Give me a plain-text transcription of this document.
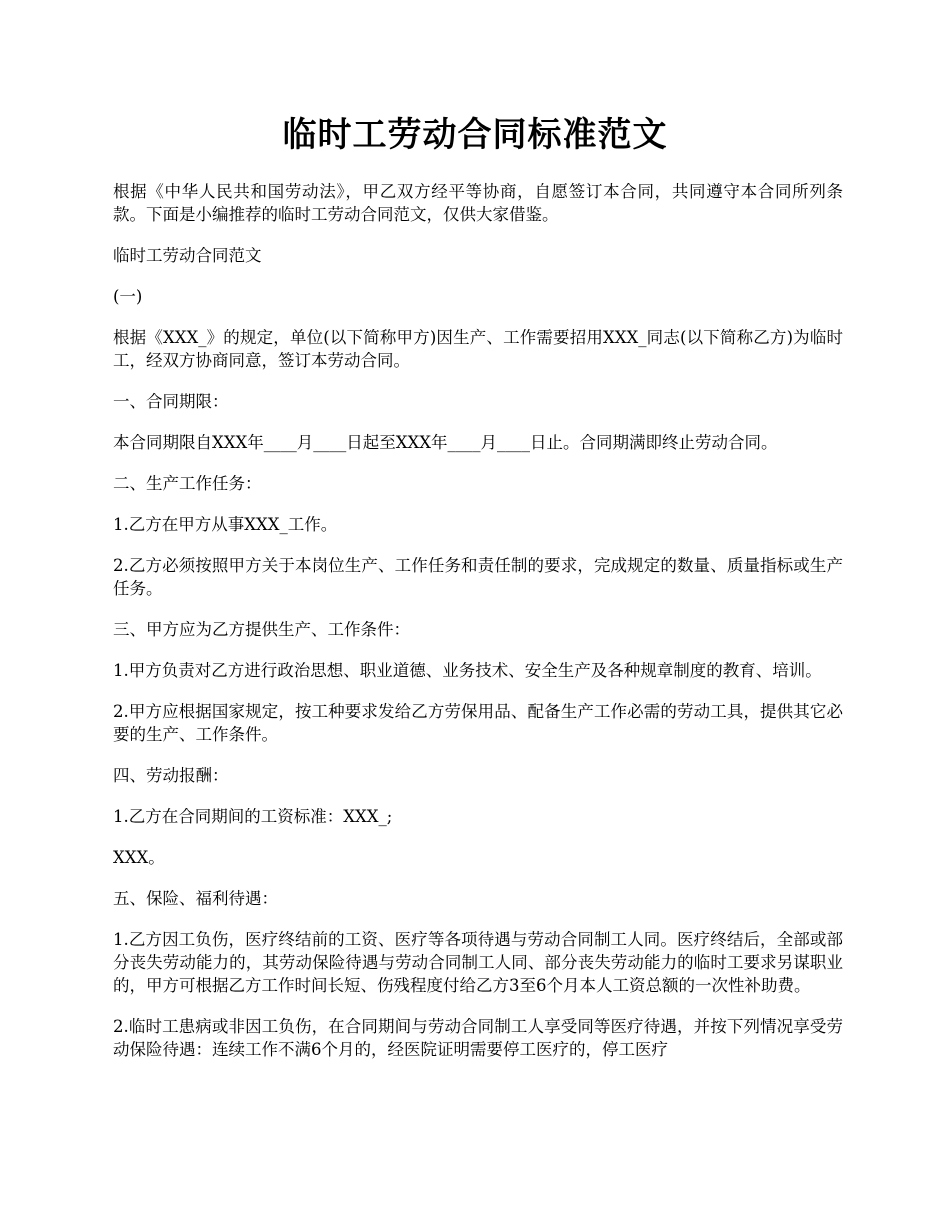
临时工劳动合同标准范文

根据《中华人民共和国劳动法》，甲乙双方经平等协商，自愿签订本合同，共同遵守本合同所列条款。下面是小编推荐的临时工劳动合同范文，仅供大家借鉴。

临时工劳动合同范文

(一)

根据《XXX_》的规定，单位(以下简称甲方)因生产、工作需要招用XXX_同志(以下简称乙方)为临时工，经双方协商同意，签订本劳动合同。

一、合同期限：

本合同期限自XXX年____月____日起至XXX年____月____日止。合同期满即终止劳动合同。

二、生产工作任务：

1.乙方在甲方从事XXX_工作。

2.乙方必须按照甲方关于本岗位生产、工作任务和责任制的要求，完成规定的数量、质量指标或生产任务。

三、甲方应为乙方提供生产、工作条件：

1.甲方负责对乙方进行政治思想、职业道德、业务技术、安全生产及各种规章制度的教育、培训。

2.甲方应根据国家规定，按工种要求发给乙方劳保用品、配备生产工作必需的劳动工具，提供其它必要的生产、工作条件。

四、劳动报酬：

1.乙方在合同期间的工资标准：XXX_;

XXX。

五、保险、福利待遇：

1.乙方因工负伤，医疗终结前的工资、医疗等各项待遇与劳动合同制工人同。医疗终结后，全部或部分丧失劳动能力的，其劳动保险待遇与劳动合同制工人同、部分丧失劳动能力的临时工要求另谋职业的，甲方可根据乙方工作时间长短、伤残程度付给乙方3至6个月本人工资总额的一次性补助费。

2.临时工患病或非因工负伤，在合同期间与劳动合同制工人享受同等医疗待遇，并按下列情况享受劳动保险待遇：连续工作不满6个月的，经医院证明需要停工医疗的，停工医疗
